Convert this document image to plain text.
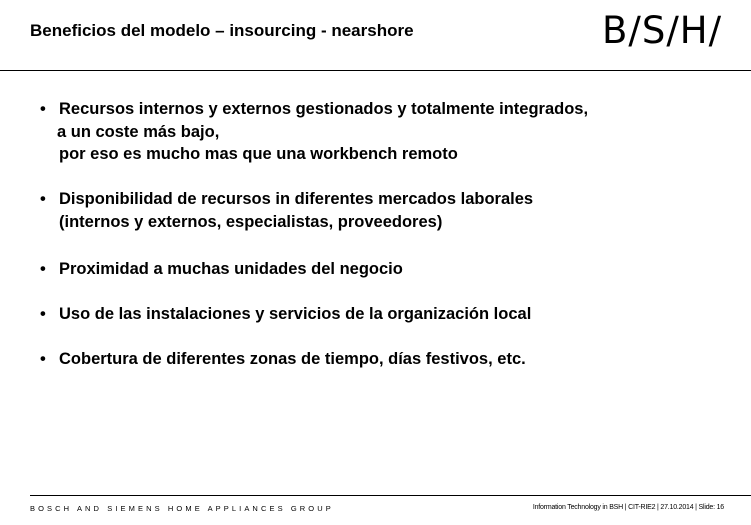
Beneficios del modelo – insourcing - nearshore	B/S/H/
• Recursos internos y externos gestionados y totalmente integrados,
a un coste más bajo,
por eso es mucho mas que una workbench remoto
• Disponibilidad de recursos in diferentes mercados laborales
(internos y externos, especialistas, proveedores)
• Proximidad a muchas unidades del negocio
• Uso de las instalaciones y servicios de la organización local
• Cobertura de diferentes zonas de tiempo, días festivos, etc.
BOSCH AND SIEMENS HOME APPLIANCES GROUP	Information Technology in BSH | CIT-RIE2 | 27.10.2014 | Slide: 16
